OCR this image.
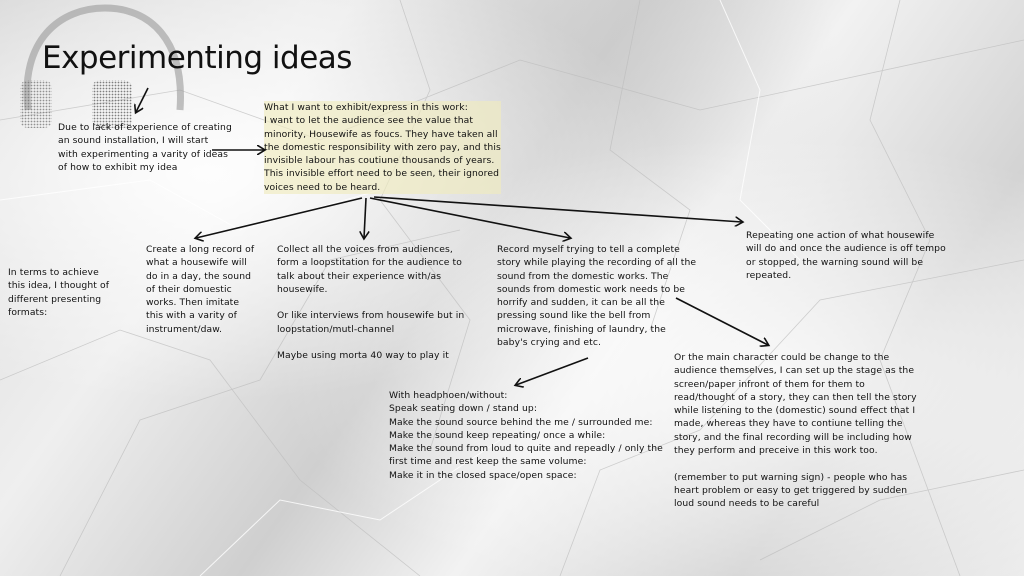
Experimenting ideas
Due to lack of experience of creating
an sound installation, I will start
with experimenting a varity of ideas
of how to exhibit my idea
What I want to exhibit/express in this work:
I want to let the audience see the value that
minority, Housewife as foucs. They have taken all
the domestic responsibility with zero pay, and this
invisible labour has coutiune thousands of years.
This invisible effort need to be seen, their ignored
voices need to be heard.
In terms to achieve
this idea, I thought of
different presenting
formats:
Create a long record of
what a housewife will
do in a day, the sound
of their domuestic
works. Then imitate
this with a varity of
instrument/daw.
Collect all the voices from audiences,
form a loopstitation for the audience to
talk about their experience with/as
housewife.

Or like interviews from housewife but in
loopstation/mutl-channel

Maybe using morta 40 way to play it
Record myself trying to tell a complete
story while playing the recording of all the
sound from the domestic works. The
sounds from domestic work needs to be
horrify and sudden, it can be all the
pressing sound like the bell from
microwave, finishing of laundry, the
baby's crying and etc.
Repeating one action of what housewife
will do and once the audience is off tempo
or stopped, the warning sound will be
repeated.
With headphoen/without:
Speak seating down / stand up:
Make the sound source behind the me / surrounded me:
Make the sound keep repeating/ once a while:
Make the sound from loud to quite and repeadly / only the
first time and rest keep the same volume:
Make it in the closed space/open space:
Or the main character could be change to the
audience themselves, I can set up the stage as the
screen/paper infront of them for them to
read/thought of a story, they can then tell the story
while listening to the (domestic) sound effect that I
made, whereas they have to contiune telling the
story, and the final recording will be including how
they perform and preceive in this work too.

(remember to put warning sign) - people who has
heart problem or easy to get triggered by sudden
loud sound needs to be careful
